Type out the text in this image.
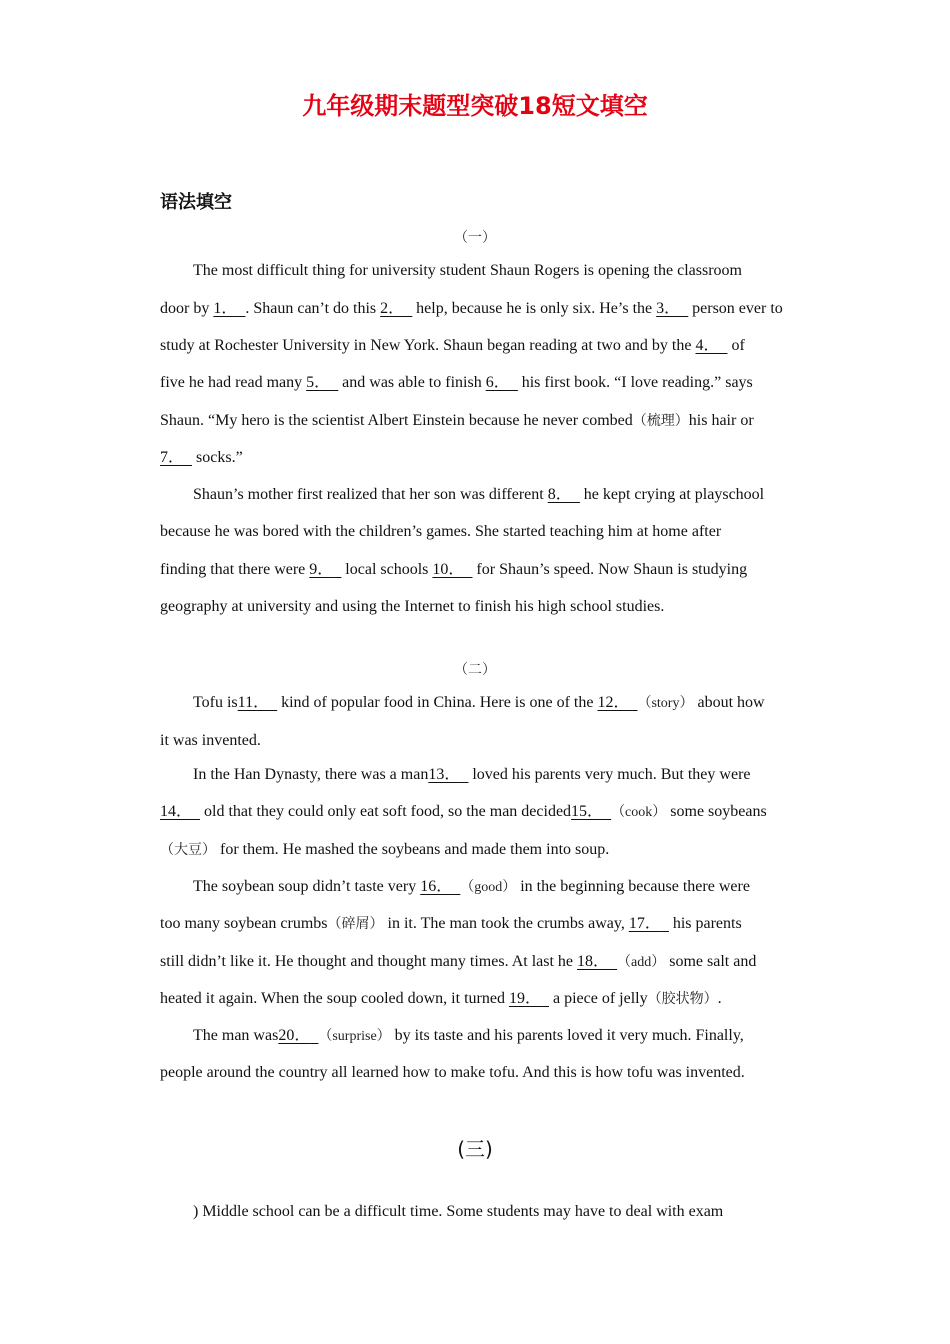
九年级期末题型突破18短文填空
语法填空
（一）
The most difficult thing for university student Shaun Rogers is opening the classroom
door by 1． . Shaun can’t do this 2． help, because he is only six. He’s the 3． person ever to
study at Rochester University in New York. Shaun began reading at two and by the 4． of
five he had read many 5． and was able to finish 6． his first book. “I love reading.” says
Shaun. “My hero is the scientist Albert Einstein because he never combed（梳理）his hair or
7． socks.”
Shaun’s mother first realized that her son was different 8． he kept crying at playschool
because he was bored with the children’s games. She started teaching him at home after
finding that there were 9． local schools 10． for Shaun’s speed. Now Shaun is studying
geography at university and using the Internet to finish his high school studies.
（二）
Tofu is11． kind of popular food in China. Here is one of the 12． （story） about how
it was invented.
In the Han Dynasty, there was a man13． loved his parents very much. But they were
14． old that they could only eat soft food, so the man decided15． （cook） some soybeans
（大豆） for them. He mashed the soybeans and made them into soup.
The soybean soup didn’t taste very 16． （good） in the beginning because there were
too many soybean crumbs（碎屑） in it. The man took the crumbs away, 17． his parents
still didn’t like it. He thought and thought many times. At last he 18． （add） some salt and
heated it again. When the soup cooled down, it turned 19． a piece of jelly（胶状物）.
The man was20． （surprise） by its taste and his parents loved it very much. Finally,
people around the country all learned how to make tofu. And this is how tofu was invented.
(三)
) Middle school can be a difficult time. Some students may have to deal with exam
